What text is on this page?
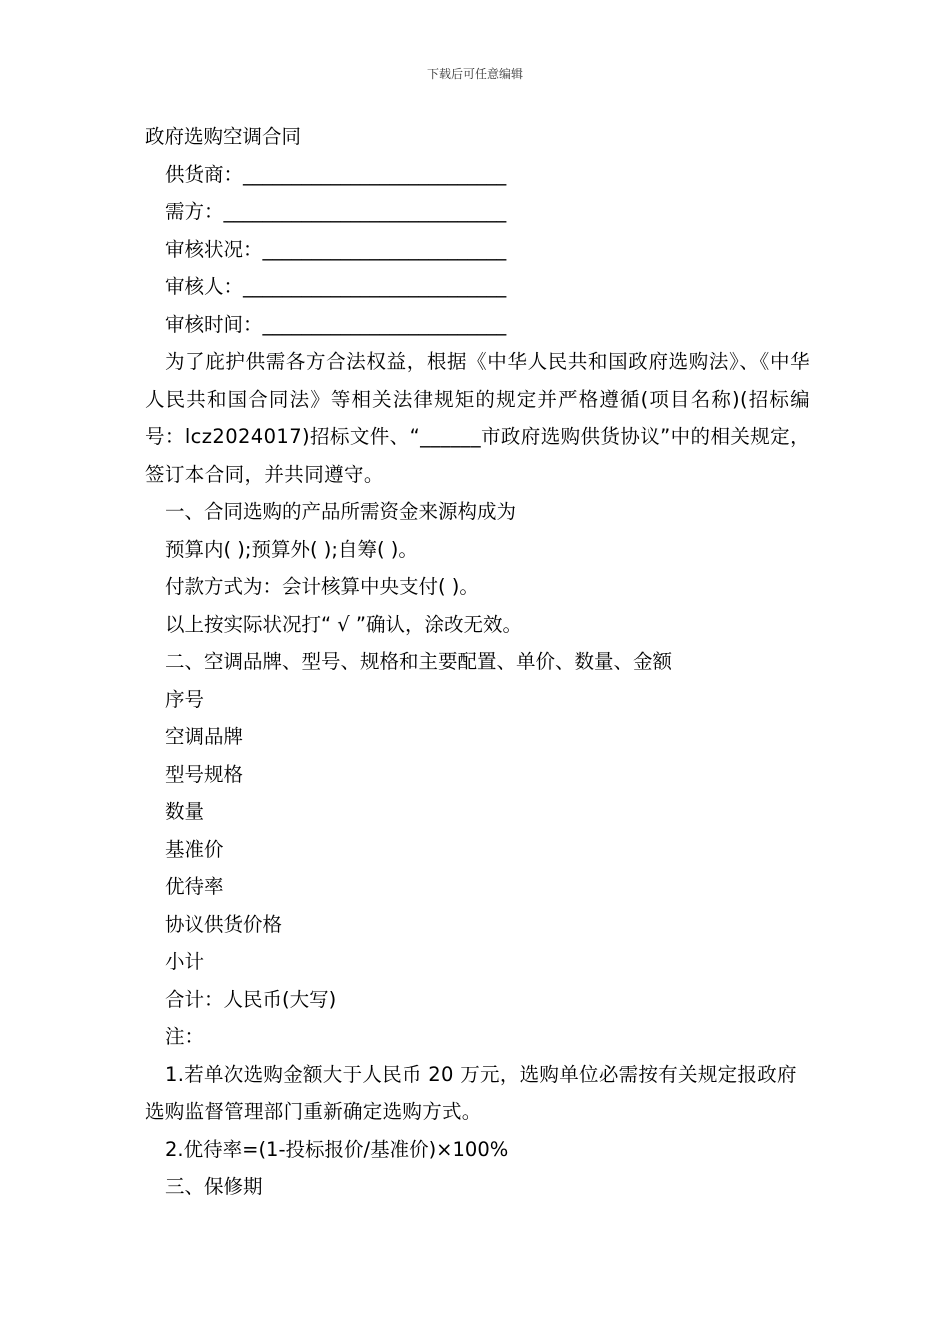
下载后可任意编辑
政府选购空调合同
供货商：___________________________
需方：_____________________________
审核状况：_________________________
审核人：___________________________
审核时间：_________________________
为了庇护供需各方合法权益，根据《中华人民共和国政府选购法》、《中华人民共和国合同法》等相关法律规矩的规定并严格遵循(项目名称)(招标编号：lcz2024017)招标文件、“______市政府选购供货协议”中的相关规定，签订本合同，并共同遵守。
一、合同选购的产品所需资金来源构成为
预算内( );预算外( );自筹( )。
付款方式为：会计核算中央支付( )。
以上按实际状况打“ √ ”确认，涂改无效。
二、空调品牌、型号、规格和主要配置、单价、数量、金额
序号
空调品牌
型号规格
数量
基准价
优待率
协议供货价格
小计
合计：人民币(大写)
注：
1.若单次选购金额大于人民币 20 万元，选购单位必需按有关规定报政府选购监督管理部门重新确定选购方式。
2.优待率=(1-投标报价/基准价)×100%
三、保修期
